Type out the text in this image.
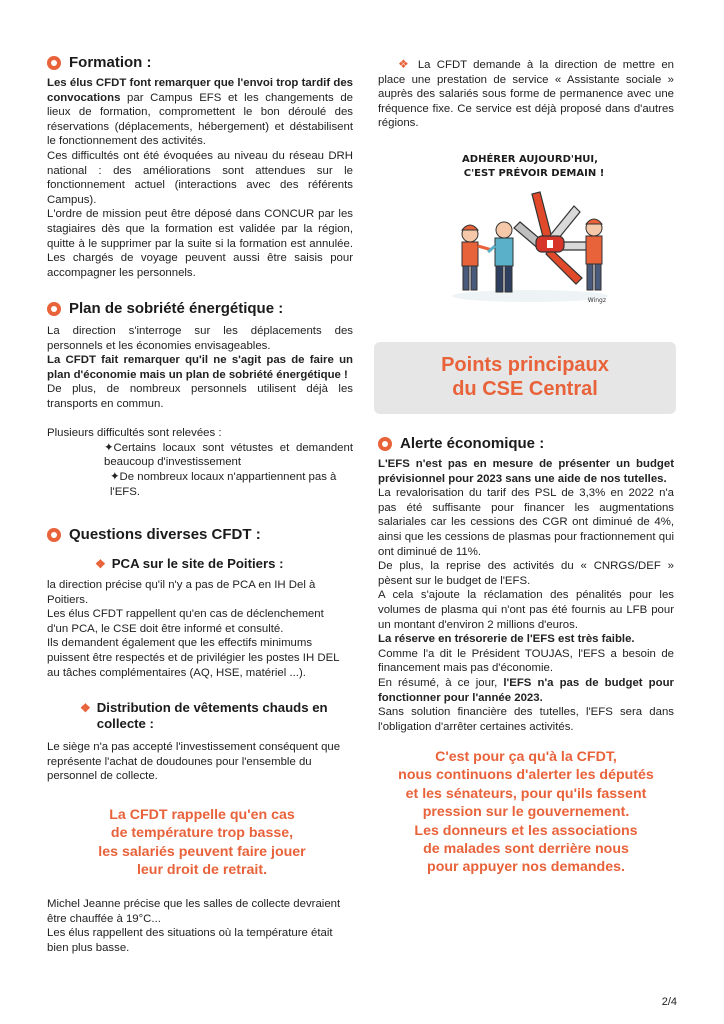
Formation :
Les élus CFDT font remarquer que l'envoi trop tardif des convocations par Campus EFS et les changements de lieux de formation, compromettent le bon déroulé des réservations (déplacements, hébergement) et déstabilisent le fonctionnement des activités.
Ces difficultés ont été évoquées au niveau du réseau DRH national : des améliorations sont attendues sur le fonctionnement actuel (interactions avec des référents Campus).
L'ordre de mission peut être déposé dans CONCUR par les stagiaires dès que la formation est validée par la région, quitte à le supprimer par la suite si la formation est annulée. Les chargés de voyage peuvent aussi être saisis pour accompagner les personnels.
Plan de sobriété énergétique :
La direction s'interroge sur les déplacements des personnels et les économies envisageables.
La CFDT fait remarquer qu'il ne s'agit pas de faire un plan d'économie mais un plan de sobriété énergétique !
De plus, de nombreux personnels utilisent déjà les transports en commun.
Plusieurs difficultés sont relevées :
✦Certains locaux sont vétustes et demandent beaucoup d'investissement
✦De nombreux locaux n'appartiennent pas à l'EFS.
Questions diverses CFDT :
❖ PCA sur le site de Poitiers :
la direction précise qu'il n'y a pas de PCA en IH Del à Poitiers.
Les élus CFDT rappellent qu'en cas de déclenchement d'un PCA, le CSE doit être informé et consulté.
Ils demandent également que les effectifs minimums puissent être respectés et de privilégier les postes IH DEL au tâches complémentaires (AQ, HSE, matériel ...).
❖ Distribution de vêtements chauds en collecte :
Le siège n'a pas accepté l'investissement conséquent que représente l'achat de doudounes pour l'ensemble du personnel de collecte.
La CFDT rappelle qu'en cas
de température trop basse,
les salariés peuvent faire jouer
leur droit de retrait.
Michel Jeanne précise que les salles de collecte devraient être chauffée à 19°C...
Les élus rappellent des situations où la température était bien plus basse.
❖ La CFDT demande à la direction de mettre en place une prestation de service « Assistante sociale » auprès des salariés sous forme de permanence avec une fréquence fixe. Ce service est déjà proposé dans d'autres régions.
ADHÉRER AUJOURD'HUI,
C'EST PRÉVOIR DEMAIN !
Wingz
Points principaux
du CSE Central
Alerte économique :
L'EFS n'est pas en mesure de présenter un budget prévisionnel pour 2023 sans une aide de nos tutelles.
La revalorisation du tarif des PSL de 3,3% en 2022 n'a pas été suffisante pour financer les augmentations salariales car les cessions des CGR ont diminué de 4%, ainsi que les cessions de plasmas pour fractionnement qui ont diminué de 11%.
De plus, la reprise des activités du « CNRGS/DEF » pèsent sur le budget de l'EFS.
A cela s'ajoute la réclamation des pénalités pour les volumes de plasma qui n'ont pas été fournis au LFB pour un montant d'environ 2 millions d'euros.
La réserve en trésorerie de l'EFS est très faible.
Comme l'a dit le Président TOUJAS, l'EFS a besoin de financement mais pas d'économie.
En résumé, à ce jour, l'EFS n'a pas de budget pour fonctionner pour l'année 2023.
Sans solution financière des tutelles, l'EFS sera dans l'obligation d'arrêter certaines activités.
C'est pour ça qu'à la CFDT,
nous continuons d'alerter les députés
et les sénateurs, pour qu'ils fassent
pression sur le gouvernement.
Les donneurs et les associations
de malades sont derrière nous
pour appuyer nos demandes.
2/4
